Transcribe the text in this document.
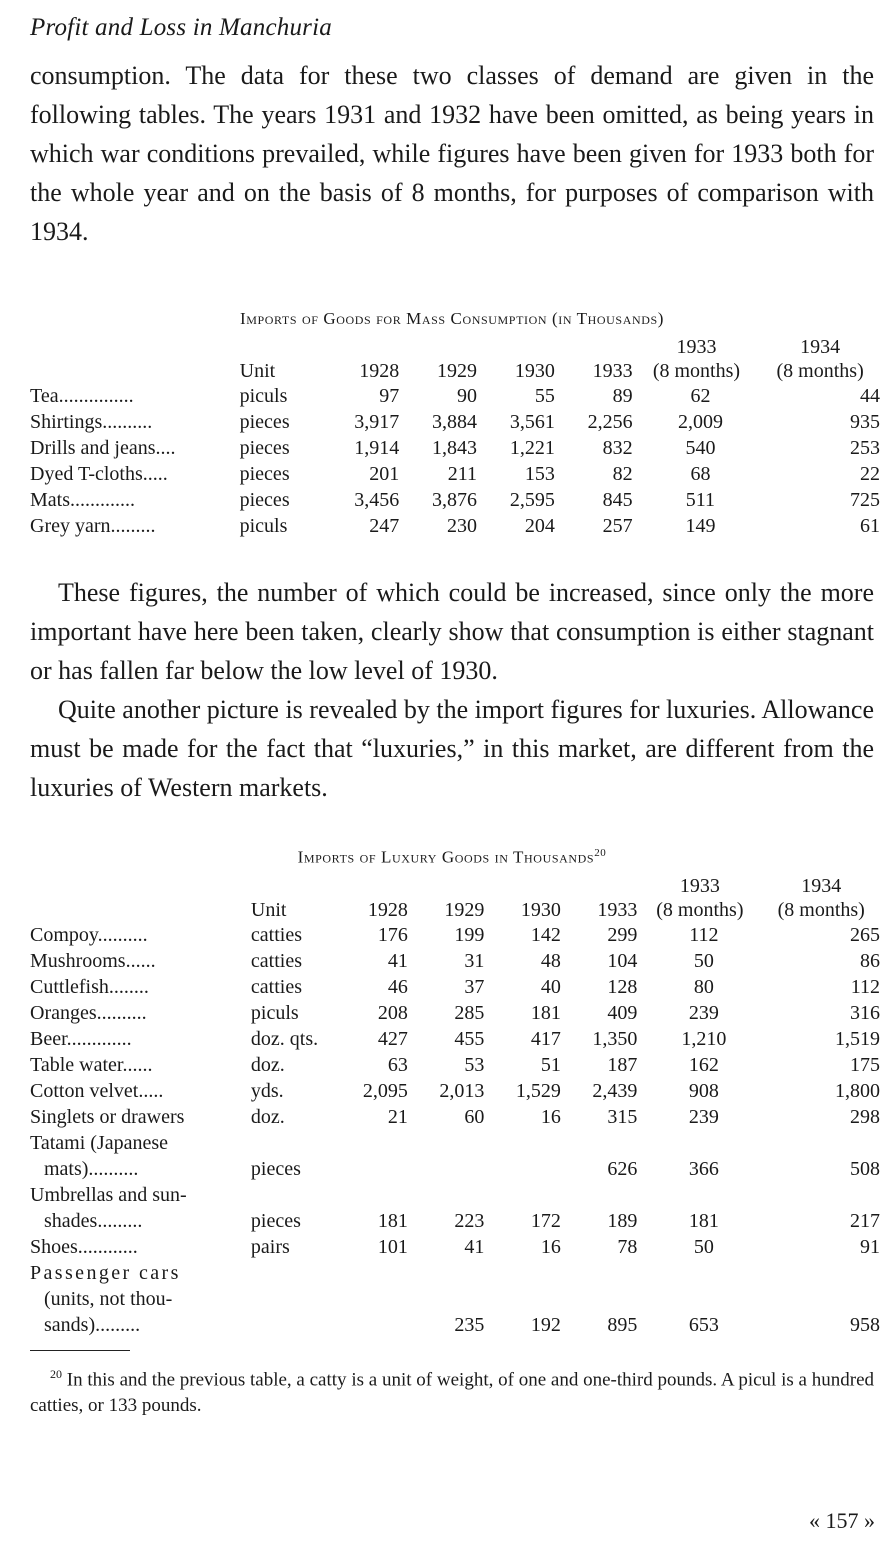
Profit and Loss in Manchuria

consumption. The data for these two classes of demand are given in the following tables. The years 1931 and 1932 have been omitted, as being years in which war conditions prevailed, while figures have been given for 1933 both for the whole year and on the basis of 8 months, for purposes of comparison with 1934.

Imports of Goods for Mass Consumption (in Thousands)
	Unit	1928	1929	1930	1933	1933 (8 months)	1934 (8 months)
Tea...............	piculs	97	90	55	89	62	44
Shirtings..........	pieces	3,917	3,884	3,561	2,256	2,009	935
Drills and jeans....	pieces	1,914	1,843	1,221	832	540	253
Dyed T-cloths.....	pieces	201	211	153	82	68	22
Mats.............	pieces	3,456	3,876	2,595	845	511	725
Grey yarn.........	piculs	247	230	204	257	149	61

These figures, the number of which could be increased, since only the more important have here been taken, clearly show that consumption is either stagnant or has fallen far below the low level of 1930.

Quite another picture is revealed by the import figures for luxuries. Allowance must be made for the fact that “luxuries,” in this market, are different from the luxuries of Western markets.

Imports of Luxury Goods in Thousands$^{20}$
	Unit	1928	1929	1930	1933	1933 (8 months)	1934 (8 months)
Compoy..........	catties	176	199	142	299	112	265
Mushrooms......	catties	41	31	48	104	50	86
Cuttlefish........	catties	46	37	40	128	80	112
Oranges..........	piculs	208	285	181	409	239	316
Beer.............	doz. qts.	427	455	417	1,350	1,210	1,519
Table water......	doz.	63	53	51	187	162	175
Cotton velvet.....	yds.	2,095	2,013	1,529	2,439	908	1,800
Singlets or drawers	doz.	21	60	16	315	239	298
Tatami (Japanese							
mats)..........	pieces				626	366	508
Umbrellas and sun-							
shades.........	pieces	181	223	172	189	181	217
Shoes............	pairs	101	41	16	78	50	91
Passenger cars							
(units, not thou-							
sands).........			235	192	895	653	958

$^{20}$ In this and the previous table, a catty is a unit of weight, of one and one-third pounds. A picul is a hundred catties, or 133 pounds.

« 157 »
